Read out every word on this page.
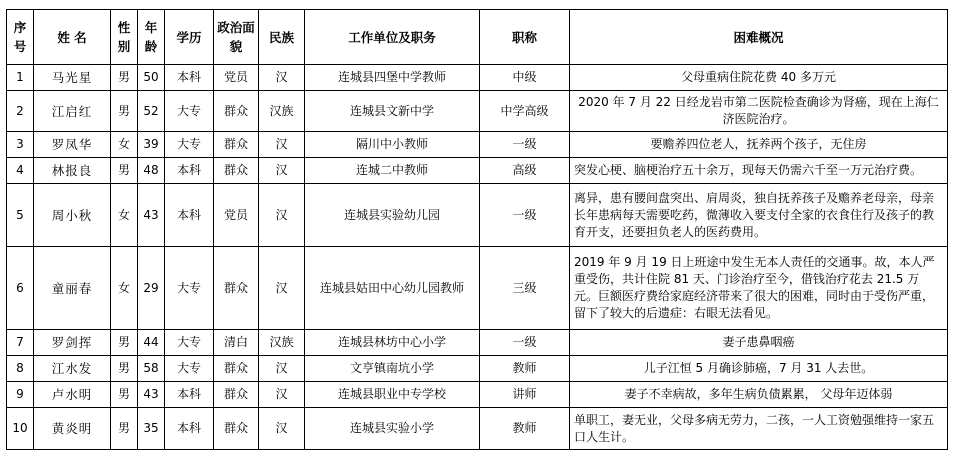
序号	姓 名	性别	年龄	学历	政治面貌	民族	工作单位及职务	职称	困难概况
1	马光星	男	50	本科	党员	汉	连城县四堡中学教师	中级	父母重病住院花费 40 多万元
2	江启红	男	52	大专	群众	汉族	连城县文新中学	中学高级	2020 年 7 月 22 日经龙岩市第二医院检查确诊为肾癌，现在上海仁济医院治疗。
3	罗凤华	女	39	大专	群众	汉	隔川中小教师	一级	要赡养四位老人，抚养两个孩子，无住房
4	林报良	男	48	本科	群众	汉	连城二中教师	高级	突发心梗、脑梗治疗五十余万，现每天仍需六千至一万元治疗费。
5	周小秋	女	43	本科	党员	汉	连城县实验幼儿园	一级	离异，患有腰间盘突出、肩周炎，独自抚养孩子及赡养老母亲，母亲长年患病每天需要吃药，微薄收入要支付全家的衣食住行及孩子的教育开支，还要担负老人的医药费用。
6	童丽春	女	29	大专	群众	汉	连城县姑田中心幼儿园教师	三级	2019 年 9 月 19 日上班途中发生无本人责任的交通事。故，本人严重受伤，共计住院 81 天、门诊治疗至今，借钱治疗花去 21.5 万元。巨额医疗费给家庭经济带来了很大的困难，同时由于受伤严重，留下了较大的后遗症：右眼无法看见。
7	罗剑挥	男	44	大专	清白	汉族	连城县林坊中心小学	一级	妻子患鼻咽癌
8	江水发	男	58	大专	群众	汉	文亨镇南坑小学	教师	儿子江恒 5 月确诊肺癌，7 月 31 人去世。
9	卢水明	男	43	本科	群众	汉	连城县职业中专学校	讲师	妻子不幸病故，多年生病负债累累， 父母年迈体弱
10	黄炎明	男	35	本科	群众	汉	连城县实验小学	教师	单职工，妻无业，父母多病无劳力，二孩，一人工资勉强维持一家五口人生计。
